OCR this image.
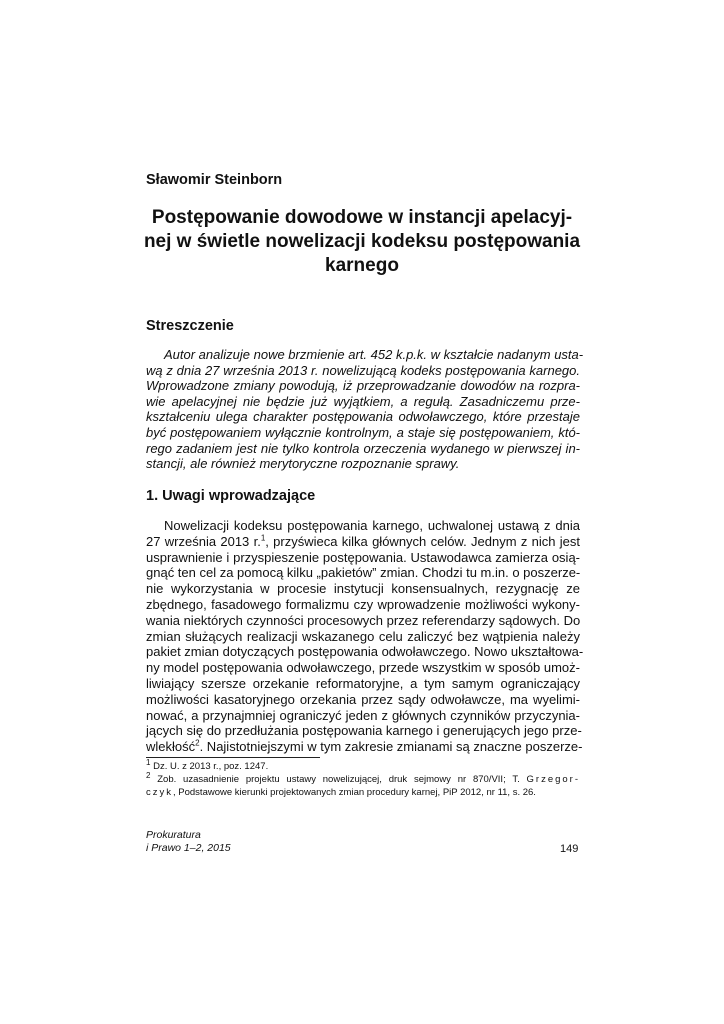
Sławomir Steinborn
Postępowanie dowodowe w instancji apelacyj-
nej w świetle nowelizacji kodeksu postępowania
karnego
Streszczenie
Autor analizuje nowe brzmienie art. 452 k.p.k. w kształcie nadanym usta-
wą z dnia 27 września 2013 r. nowelizującą kodeks postępowania karnego.
Wprowadzone zmiany powodują, iż przeprowadzanie dowodów na rozpra-
wie apelacyjnej nie będzie już wyjątkiem, a regułą. Zasadniczemu prze-
kształceniu ulega charakter postępowania odwoławczego, które przestaje
być postępowaniem wyłącznie kontrolnym, a staje się postępowaniem, któ-
rego zadaniem jest nie tylko kontrola orzeczenia wydanego w pierwszej in-
stancji, ale również merytoryczne rozpoznanie sprawy.
1. Uwagi wprowadzające
Nowelizacji kodeksu postępowania karnego, uchwalonej ustawą z dnia
27 września 2013 r.$^1$, przyświeca kilka głównych celów. Jednym z nich jest
usprawnienie i przyspieszenie postępowania. Ustawodawca zamierza osią-
gnąć ten cel za pomocą kilku „pakietów” zmian. Chodzi tu m.in. o poszerze-
nie wykorzystania w procesie instytucji konsensualnych, rezygnację ze
zbędnego, fasadowego formalizmu czy wprowadzenie możliwości wykony-
wania niektórych czynności procesowych przez referendarzy sądowych. Do
zmian służących realizacji wskazanego celu zaliczyć bez wątpienia należy
pakiet zmian dotyczących postępowania odwoławczego. Nowo ukształtowa-
ny model postępowania odwoławczego, przede wszystkim w sposób umoż-
liwiający szersze orzekanie reformatoryjne, a tym samym ograniczający
możliwości kasatoryjnego orzekania przez sądy odwoławcze, ma wyelimi-
nować, a przynajmniej ograniczyć jeden z głównych czynników przyczynia-
jących się do przedłużania postępowania karnego i generujących jego prze-
wlekłość$^2$. Najistotniejszymi w tym zakresie zmianami są znaczne poszerze-
$^1$ Dz. U. z 2013 r., poz. 1247.
$^2$ Zob. uzasadnienie projektu ustawy nowelizującej, druk sejmowy nr 870/VII; T. Grzegor-
czyk, Podstawowe kierunki projektowanych zmian procedury karnej, PiP 2012, nr 11, s. 26.
Prokuratura
i Prawo 1–2, 2015	149
